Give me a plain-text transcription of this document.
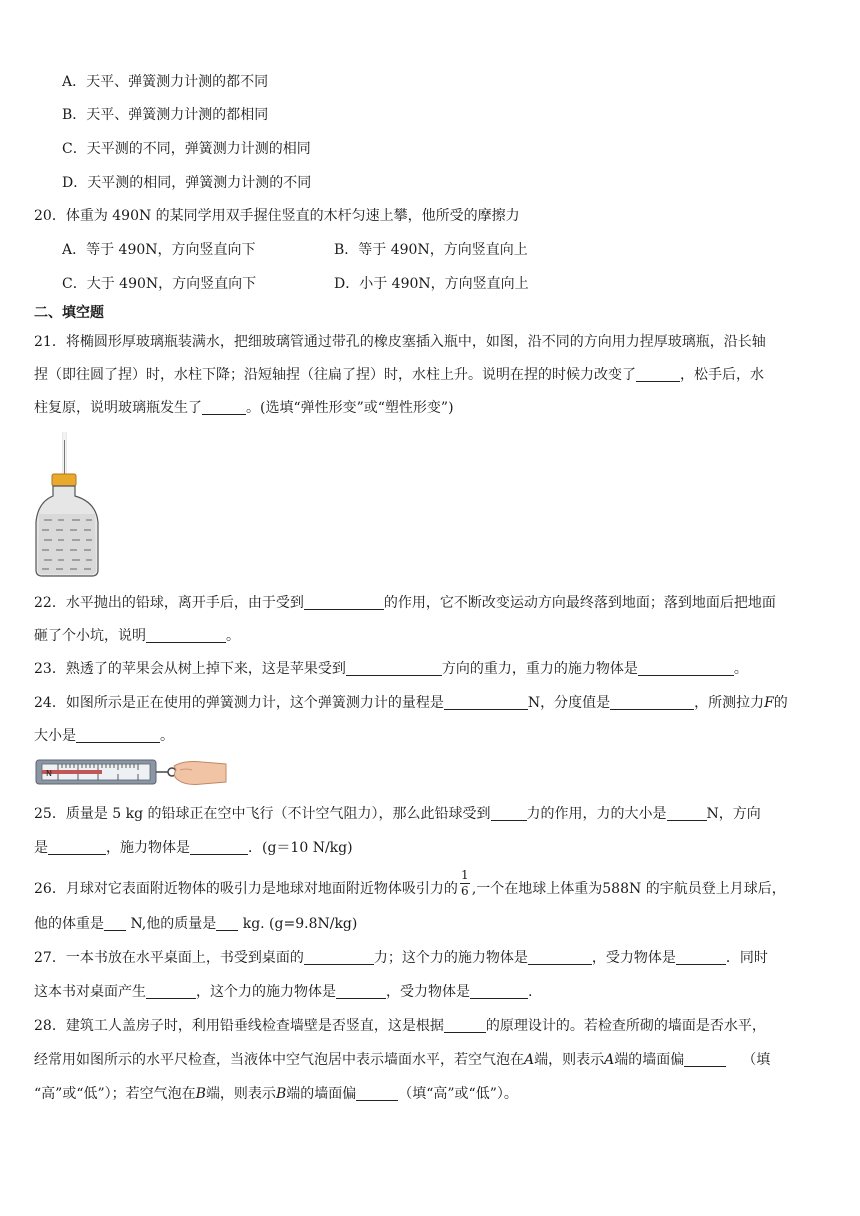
A．天平、弹簧测力计测的都不同
B．天平、弹簧测力计测的都相同
C．天平测的不同，弹簧测力计测的相同
D．天平测的相同，弹簧测力计测的不同
20．体重为 490N 的某同学用双手握住竖直的木杆匀速上攀，他所受的摩擦力
A．等于 490N，方向竖直向下	B．等于 490N，方向竖直向上
C．大于 490N，方向竖直向下	D．小于 490N，方向竖直向上
二、填空题
21．将椭圆形厚玻璃瓶装满水，把细玻璃管通过带孔的橡皮塞插入瓶中，如图，沿不同的方向用力捏厚玻璃瓶，沿长轴
捏（即往圆了捏）时，水柱下降；沿短轴捏（往扁了捏）时，水柱上升。说明在捏的时候力改变了	，松手后，水
柱复原，说明玻璃瓶发生了	。(选填“弹性形变”或“塑性形变”)
22．水平抛出的铅球，离开手后，由于受到	的作用，它不断改变运动方向最终落到地面；落到地面后把地面
砸了个小坑，说明	。
23．熟透了的苹果会从树上掉下来，这是苹果受到	方向的重力，重力的施力物体是	。
24．如图所示是正在使用的弹簧测力计，这个弹簧测力计的量程是	N，分度值是	，所测拉力F的
大小是	。
N
25．质量是 5 kg 的铅球正在空中飞行（不计空气阻力），那么此铅球受到	力的作用，力的大小是	N，方向
是	，施力物体是	．(g＝10 N/kg)
26．月球对它表面附近物体的吸引力是地球对地面附近物体吸引力的 $\frac{1}{6}$ ,一个在地球上体重为588N 的宇航员登上月球后，
他的体重是 N,他的质量是 kg. (g=9.8N/kg)
27．一本书放在水平桌面上，书受到桌面的	力；这个力的施力物体是	，受力物体是	．同时
这本书对桌面产生	，这个力的施力物体是	，受力物体是	.
28．建筑工人盖房子时，利用铅垂线检查墙壁是否竖直，这是根据	的原理设计的。若检查所砌的墙面是否水平，
经常用如图所示的水平尺检查，当液体中空气泡居中表示墙面水平，若空气泡在A端，则表示A端的墙面偏	（填
“高”或“低”）；若空气泡在B端，则表示B端的墙面偏	（填“高”或“低”）。
